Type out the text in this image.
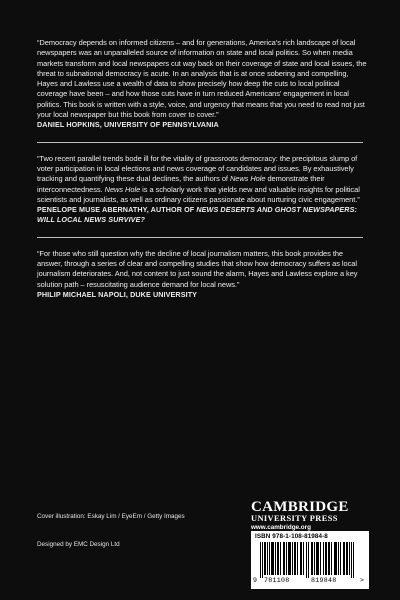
“Democracy depends on informed citizens – and for generations, America’s rich landscape of local newspapers was an unparalleled source of information on state and local politics. So when media markets transform and local newspapers cut way back on their coverage of state and local issues, the threat to subnational democracy is acute. In an analysis that is at once sobering and compelling, Hayes and Lawless use a wealth of data to show precisely how deep the cuts to local political coverage have been – and how those cuts have in turn reduced Americans’ engagement in local politics. This book is written with a style, voice, and urgency that means that you need to read not just your local newspaper but this book from cover to cover.”
DANIEL HOPKINS, UNIVERSITY OF PENNSYLVANIA
“Two recent parallel trends bode ill for the vitality of grassroots democracy: the precipitous slump of voter participation in local elections and news coverage of candidates and issues. By exhaustively tracking and quantifying these dual declines, the authors of News Hole demonstrate their interconnectedness. News Hole is a scholarly work that yields new and valuable insights for political scientists and journalists, as well as ordinary citizens passionate about nurturing civic engagement.”
PENELOPE MUSE ABERNATHY, AUTHOR OF NEWS DESERTS AND GHOST NEWSPAPERS: WILL LOCAL NEWS SURVIVE?
“For those who still question why the decline of local journalism matters, this book provides the answer, through a series of clear and compelling studies that show how democracy suffers as local journalism deteriorates. And, not content to just sound the alarm, Hayes and Lawless explore a key solution path – resuscitating audience demand for local news.”
PHILIP MICHAEL NAPOLI, DUKE UNIVERSITY
Cover illustration: Eskay Lim / EyeEm / Getty Images
Designed by EMC Design Ltd
CAMBRIDGE
UNIVERSITY PRESS
www.cambridge.org
ISBN 978-1-108-81984-8
9 781108	819848	>
